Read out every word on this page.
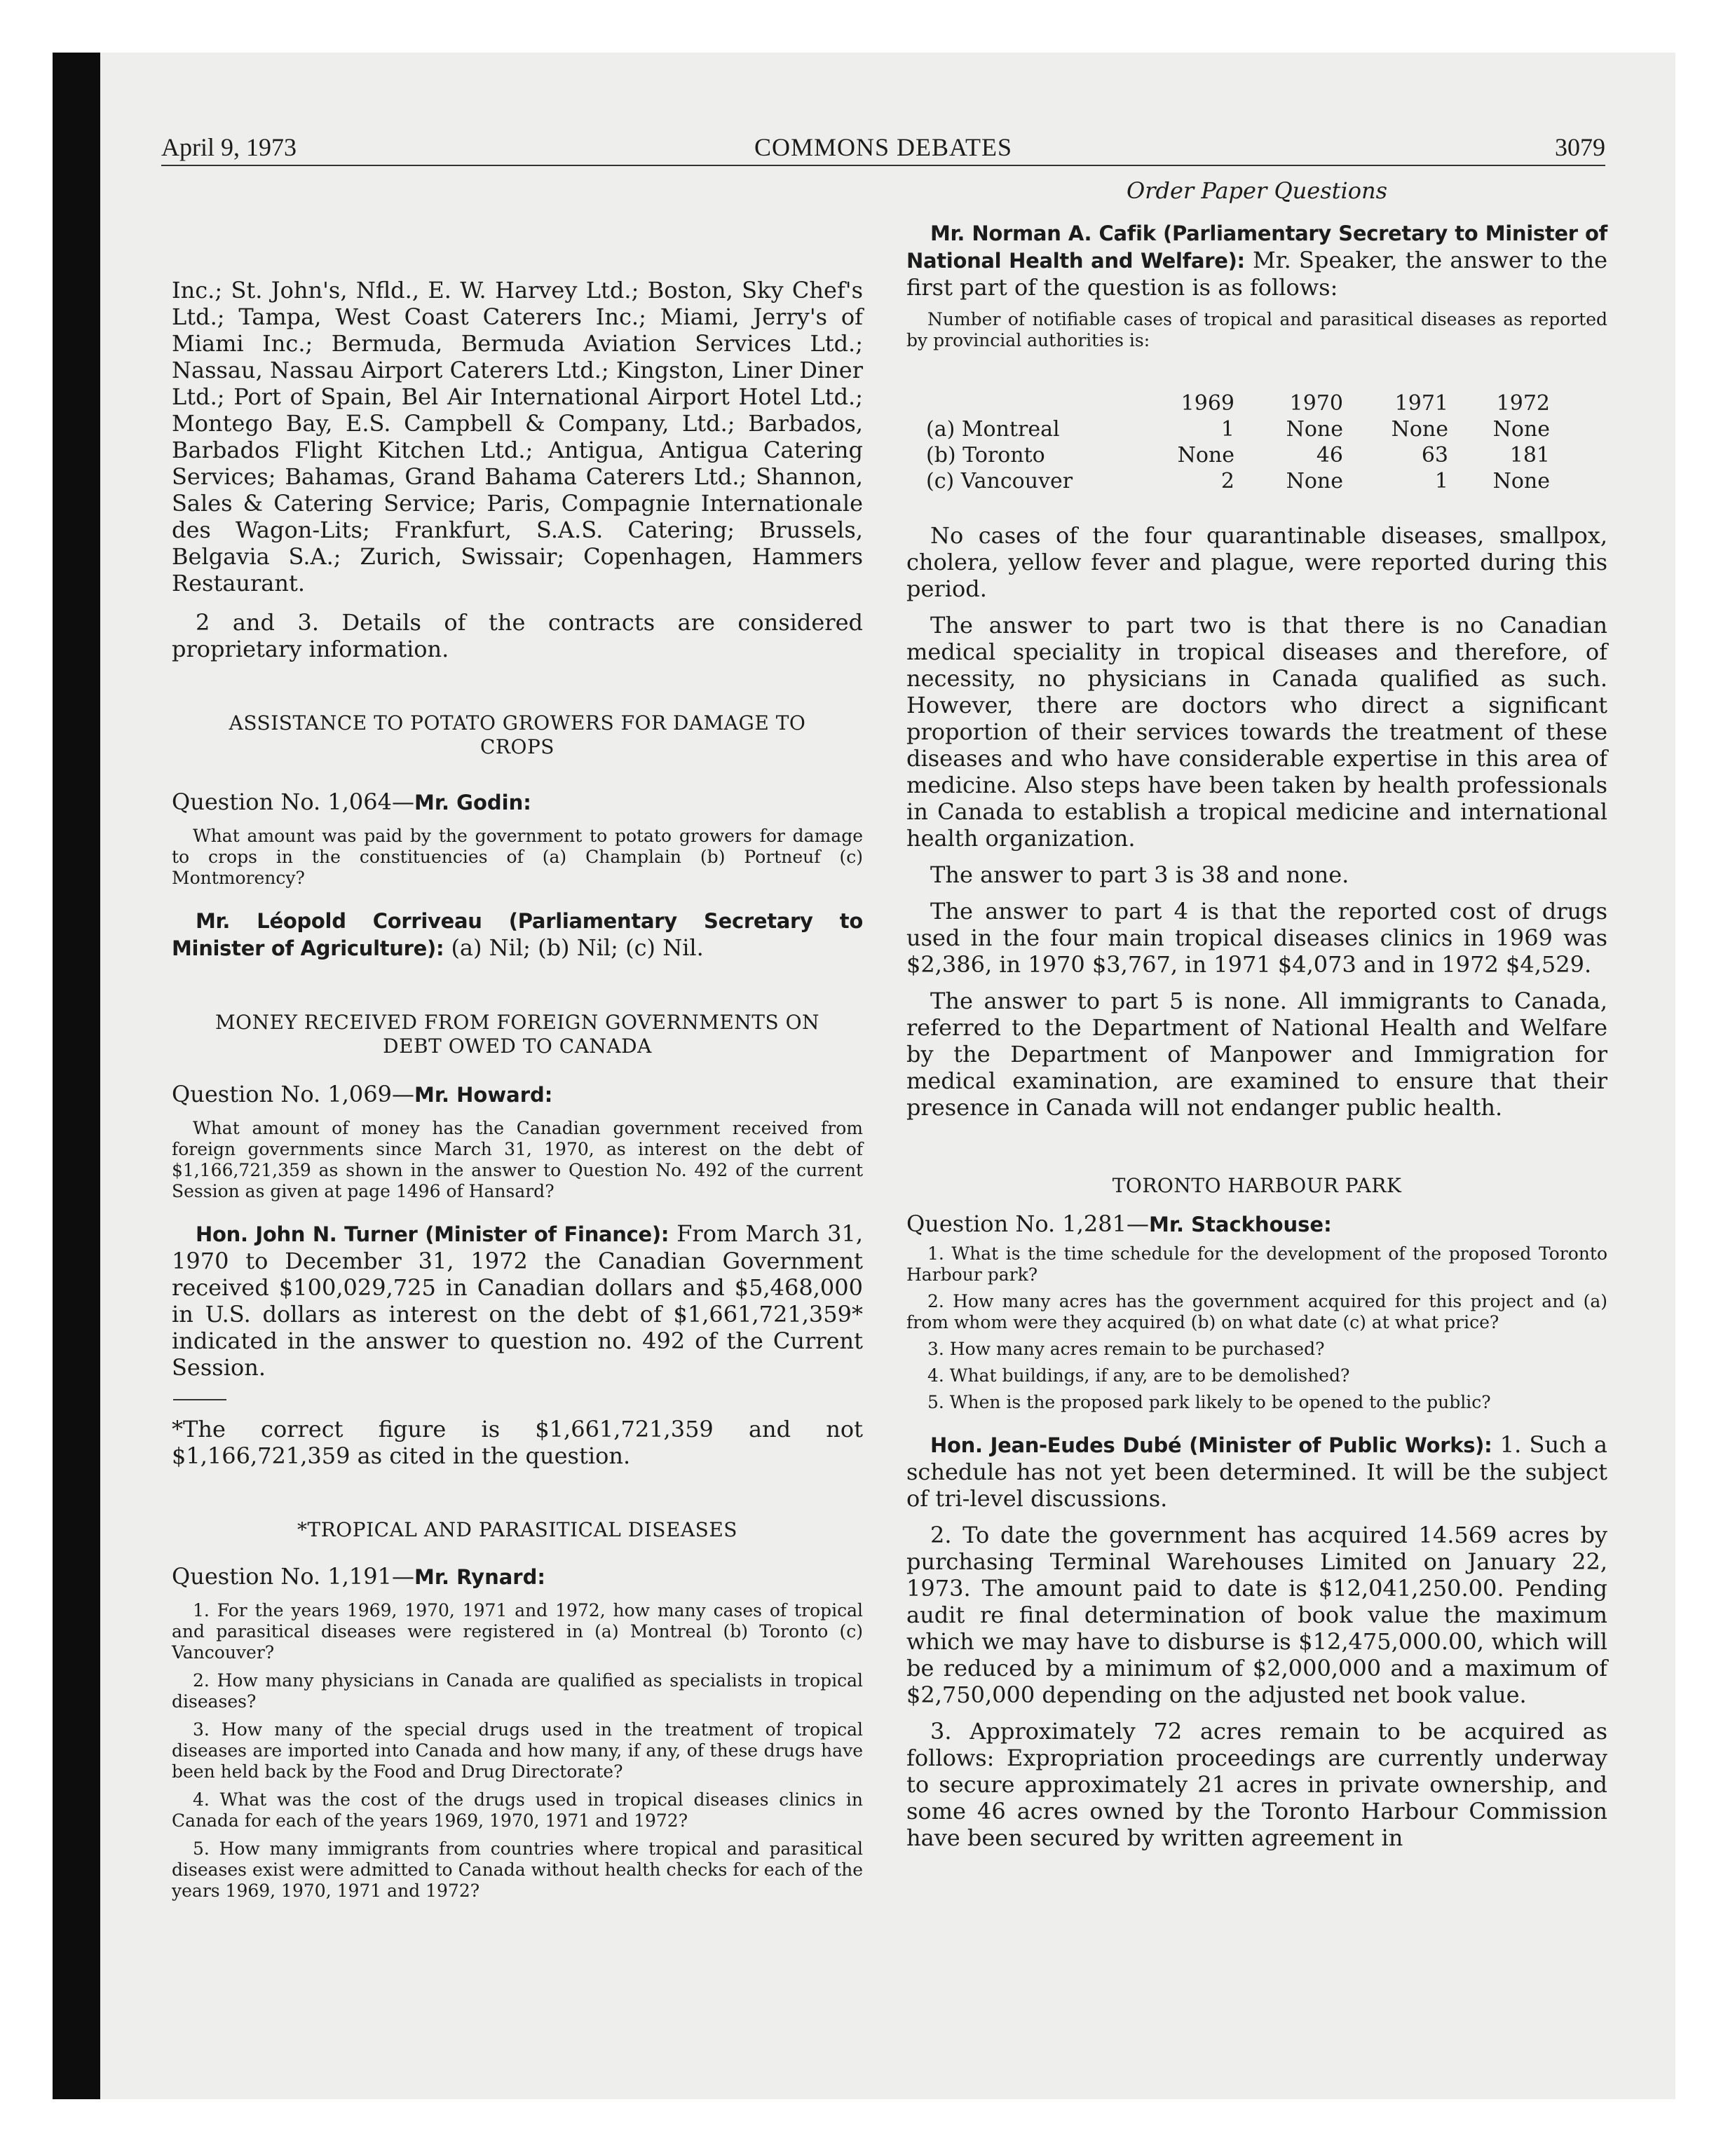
April 9, 1973	COMMONS DEBATES	3079

Inc.; St. John's, Nfld., E. W. Harvey Ltd.; Boston, Sky Chef's Ltd.; Tampa, West Coast Caterers Inc.; Miami, Jerry's of Miami Inc.; Bermuda, Bermuda Aviation Services Ltd.; Nassau, Nassau Airport Caterers Ltd.; Kingston, Liner Diner Ltd.; Port of Spain, Bel Air International Airport Hotel Ltd.; Montego Bay, E.S. Campbell & Company, Ltd.; Barbados, Barbados Flight Kitchen Ltd.; Antigua, Antigua Catering Services; Bahamas, Grand Bahama Caterers Ltd.; Shannon, Sales & Catering Service; Paris, Compagnie Internationale des Wagon-Lits; Frankfurt, S.A.S. Catering; Brussels, Belgavia S.A.; Zurich, Swissair; Copenhagen, Hammers Restaurant.

2 and 3. Details of the contracts are considered proprietary information.

ASSISTANCE TO POTATO GROWERS FOR DAMAGE TO CROPS

Question No. 1,064—Mr. Godin:

What amount was paid by the government to potato growers for damage to crops in the constituencies of (a) Champlain (b) Portneuf (c) Montmorency?

Mr. Léopold Corriveau (Parliamentary Secretary to Minister of Agriculture): (a) Nil; (b) Nil; (c) Nil.

MONEY RECEIVED FROM FOREIGN GOVERNMENTS ON DEBT OWED TO CANADA

Question No. 1,069—Mr. Howard:

What amount of money has the Canadian government received from foreign governments since March 31, 1970, as interest on the debt of $1,166,721,359 as shown in the answer to Question No. 492 of the current Session as given at page 1496 of Hansard?

Hon. John N. Turner (Minister of Finance): From March 31, 1970 to December 31, 1972 the Canadian Government received $100,029,725 in Canadian dollars and $5,468,000 in U.S. dollars as interest on the debt of $1,661,721,359* indicated in the answer to question no. 492 of the Current Session.

*The correct figure is $1,661,721,359 and not $1,166,721,359 as cited in the question.

*TROPICAL AND PARASITICAL DISEASES

Question No. 1,191—Mr. Rynard:

1. For the years 1969, 1970, 1971 and 1972, how many cases of tropical and parasitical diseases were registered in (a) Montreal (b) Toronto (c) Vancouver?

2. How many physicians in Canada are qualified as specialists in tropical diseases?

3. How many of the special drugs used in the treatment of tropical diseases are imported into Canada and how many, if any, of these drugs have been held back by the Food and Drug Directorate?

4. What was the cost of the drugs used in tropical diseases clinics in Canada for each of the years 1969, 1970, 1971 and 1972?

5. How many immigrants from countries where tropical and parasitical diseases exist were admitted to Canada without health checks for each of the years 1969, 1970, 1971 and 1972?

Order Paper Questions

Mr. Norman A. Cafik (Parliamentary Secretary to Minister of National Health and Welfare): Mr. Speaker, the answer to the first part of the question is as follows:

Number of notifiable cases of tropical and parasitical diseases as reported by provincial authorities is:

	1969	1970	1971	1972
(a) Montreal	1	None	None	None
(b) Toronto	None	46	63	181
(c) Vancouver	2	None	1	None

No cases of the four quarantinable diseases, smallpox, cholera, yellow fever and plague, were reported during this period.

The answer to part two is that there is no Canadian medical speciality in tropical diseases and therefore, of necessity, no physicians in Canada qualified as such. However, there are doctors who direct a significant proportion of their services towards the treatment of these diseases and who have considerable expertise in this area of medicine. Also steps have been taken by health professionals in Canada to establish a tropical medicine and international health organization.

The answer to part 3 is 38 and none.

The answer to part 4 is that the reported cost of drugs used in the four main tropical diseases clinics in 1969 was $2,386, in 1970 $3,767, in 1971 $4,073 and in 1972 $4,529.

The answer to part 5 is none. All immigrants to Canada, referred to the Department of National Health and Welfare by the Department of Manpower and Immigration for medical examination, are examined to ensure that their presence in Canada will not endanger public health.

TORONTO HARBOUR PARK

Question No. 1,281—Mr. Stackhouse:

1. What is the time schedule for the development of the proposed Toronto Harbour park?

2. How many acres has the government acquired for this project and (a) from whom were they acquired (b) on what date (c) at what price?

3. How many acres remain to be purchased?

4. What buildings, if any, are to be demolished?

5. When is the proposed park likely to be opened to the public?

Hon. Jean-Eudes Dubé (Minister of Public Works): 1. Such a schedule has not yet been determined. It will be the subject of tri-level discussions.

2. To date the government has acquired 14.569 acres by purchasing Terminal Warehouses Limited on January 22, 1973. The amount paid to date is $12,041,250.00. Pending audit re final determination of book value the maximum which we may have to disburse is $12,475,000.00, which will be reduced by a minimum of $2,000,000 and a maximum of $2,750,000 depending on the adjusted net book value.

3. Approximately 72 acres remain to be acquired as follows: Expropriation proceedings are currently underway to secure approximately 21 acres in private ownership, and some 46 acres owned by the Toronto Harbour Commission have been secured by written agreement in
